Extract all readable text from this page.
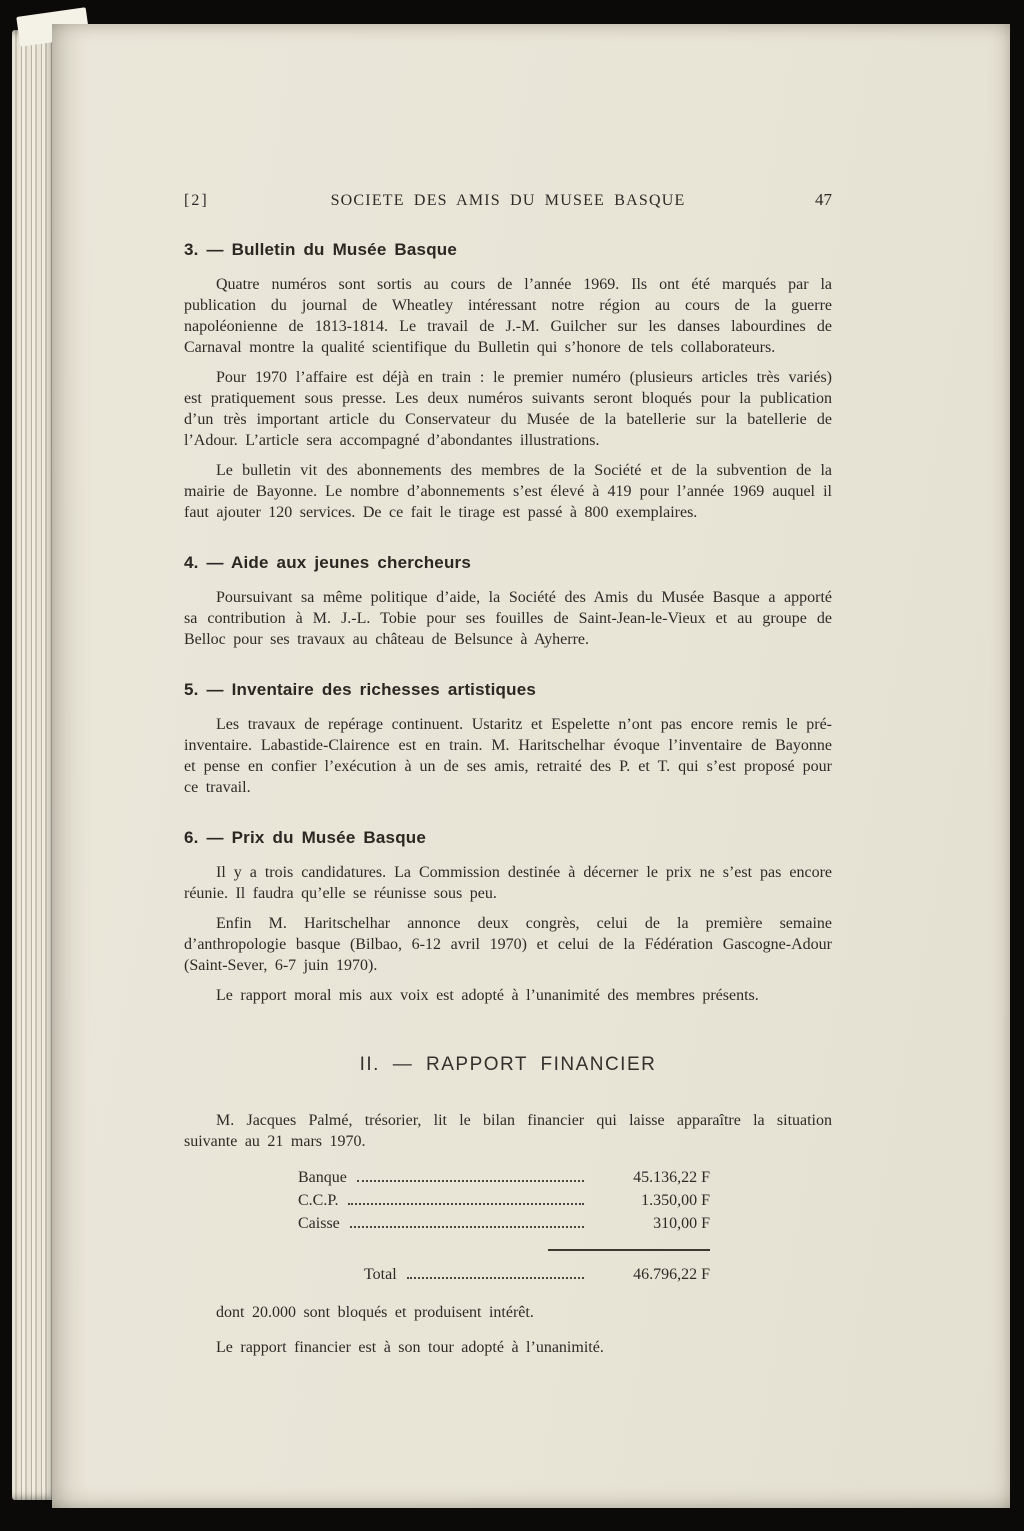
[2]	SOCIETE DES AMIS DU MUSEE BASQUE	47
3. — Bulletin du Musée Basque

Quatre numéros sont sortis au cours de l’année 1969. Ils ont été marqués par la publication du journal de Wheatley intéressant notre région au cours de la guerre napoléonienne de 1813-1814. Le travail de J.-M. Guilcher sur les danses labourdines de Carnaval montre la qualité scientifique du Bulletin qui s’honore de tels collaborateurs.

Pour 1970 l’affaire est déjà en train : le premier numéro (plusieurs articles très variés) est pratiquement sous presse. Les deux numéros suivants seront bloqués pour la publication d’un très important article du Conservateur du Musée de la batellerie sur la batellerie de l’Adour. L’article sera accompagné d’abondantes illustrations.

Le bulletin vit des abonnements des membres de la Société et de la subvention de la mairie de Bayonne. Le nombre d’abonnements s’est élevé à 419 pour l’année 1969 auquel il faut ajouter 120 services. De ce fait le tirage est passé à 800 exemplaires.

4. — Aide aux jeunes chercheurs

Poursuivant sa même politique d’aide, la Société des Amis du Musée Basque a apporté sa contribution à M. J.-L. Tobie pour ses fouilles de Saint-Jean-le-Vieux et au groupe de Belloc pour ses travaux au château de Belsunce à Ayherre.

5. — Inventaire des richesses artistiques

Les travaux de repérage continuent. Ustaritz et Espelette n’ont pas encore remis le pré-inventaire. Labastide-Clairence est en train. M. Haritschelhar évoque l’inventaire de Bayonne et pense en confier l’exécution à un de ses amis, retraité des P. et T. qui s’est proposé pour ce travail.

6. — Prix du Musée Basque

Il y a trois candidatures. La Commission destinée à décerner le prix ne s’est pas encore réunie. Il faudra qu’elle se réunisse sous peu.

Enfin M. Haritschelhar annonce deux congrès, celui de la première semaine d’anthropologie basque (Bilbao, 6-12 avril 1970) et celui de la Fédération Gascogne-Adour (Saint-Sever, 6-7 juin 1970).

Le rapport moral mis aux voix est adopté à l’unanimité des membres présents.

II. — RAPPORT FINANCIER

M. Jacques Palmé, trésorier, lit le bilan financier qui laisse apparaître la situation suivante au 21 mars 1970.

Banque	45.136,22 F
C.C.P.	1.350,00 F
Caisse	310,00 F
Total	46.796,22 F

dont 20.000 sont bloqués et produisent intérêt.

Le rapport financier est à son tour adopté à l’unanimité.
